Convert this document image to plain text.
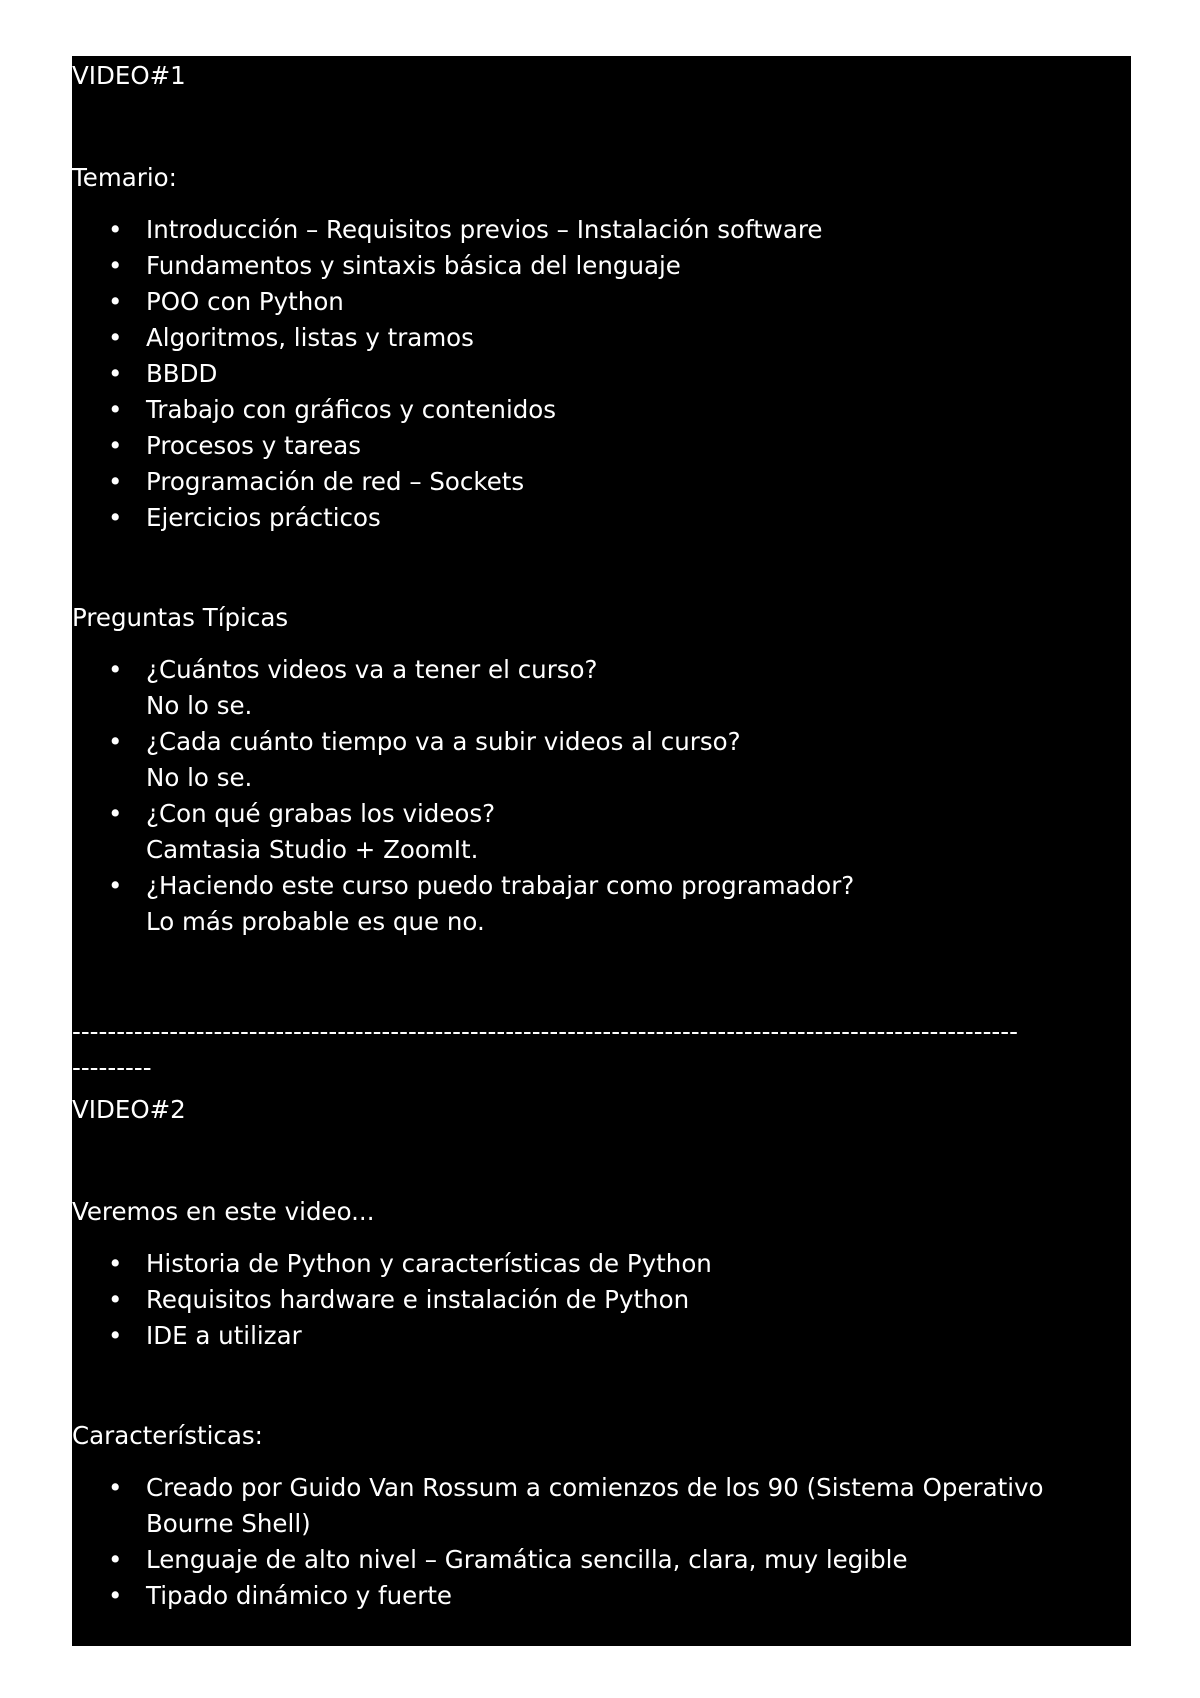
VIDEO#1
Temario:
• Introducción – Requisitos previos – Instalación software
• Fundamentos y sintaxis básica del lenguaje
• POO con Python
• Algoritmos, listas y tramos
• BBDD
• Trabajo con gráficos y contenidos
• Procesos y tareas
• Programación de red – Sockets
• Ejercicios prácticos
Preguntas Típicas
• ¿Cuántos videos va a tener el curso?
No lo se.
• ¿Cada cuánto tiempo va a subir videos al curso?
No lo se.
• ¿Con qué grabas los videos?
Camtasia Studio + ZoomIt.
• ¿Haciendo este curso puedo trabajar como programador?
Lo más probable es que no.
-----------------------------------------------------------------------------------------------------------
---------
VIDEO#2
Veremos en este video...
• Historia de Python y características de Python
• Requisitos hardware e instalación de Python
• IDE a utilizar
Características:
• Creado por Guido Van Rossum a comienzos de los 90 (Sistema Operativo Bourne Shell)
• Lenguaje de alto nivel – Gramática sencilla, clara, muy legible
• Tipado dinámico y fuerte
